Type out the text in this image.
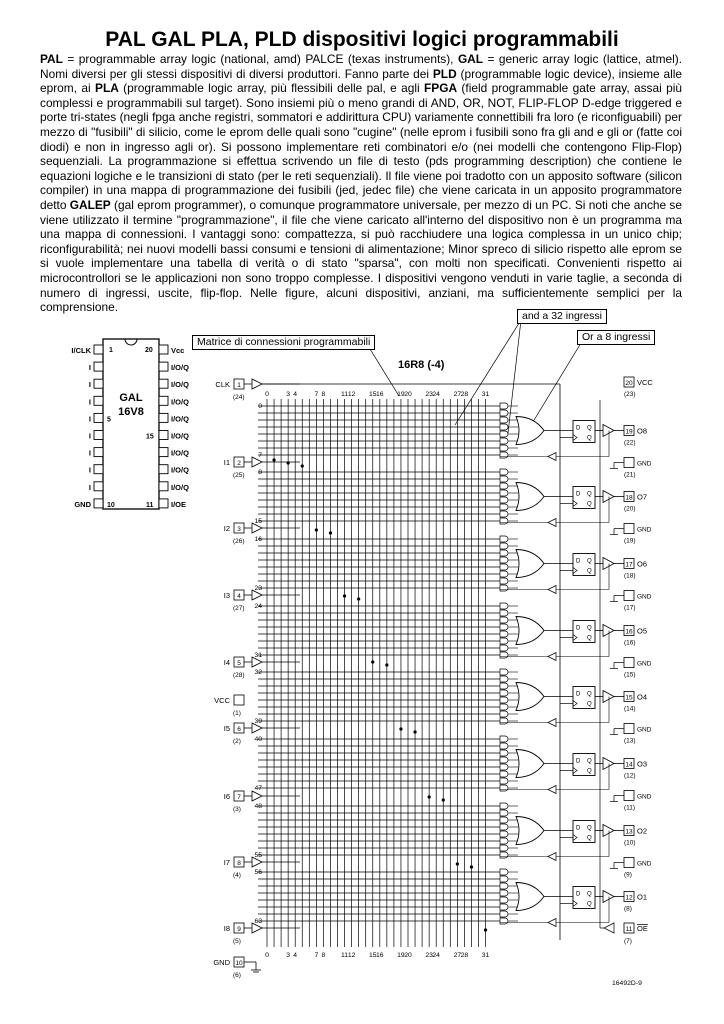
PAL GAL PLA, PLD dispositivi logici programmabili

PAL = programmable array logic (national, amd) PALCE (texas instruments), GAL = generic array logic (lattice, atmel). Nomi diversi per gli stessi dispositivi di diversi produttori. Fanno parte dei PLD (programmable logic device), insieme alle eprom, ai PLA (programmable logic array, più flessibili delle pal, e agli FPGA (field programmable gate array, assai più complessi e programmabili sul target). Sono insiemi più o meno grandi di AND, OR, NOT, FLIP-FLOP D-edge triggered e porte tri-states (negli fpga anche registri, sommatori e addirittura CPU) variamente connettibili fra loro (e riconfiguabili) per mezzo di "fusibili" di silicio, come le eprom delle quali sono "cugine" (nelle eprom i fusibili sono fra gli and e gli or (fatte coi diodi) e non in ingresso agli or). Si possono implementare reti combinatori e/o (nei modelli che contengono Flip-Flop) sequenziali. La programmazione si effettua scrivendo un file di testo (pds programming description) che contiene le equazioni logiche e le transizioni di stato (per le reti sequenziali). Il file viene poi tradotto con un apposito software (silicon compiler) in una mappa di programmazione dei fusibili (jed, jedec file) che viene caricata in un apposito programmatore detto GALEP (gal eprom programmer), o comunque programmatore universale, per mezzo di un PC. Si noti che anche se viene utilizzato il termine "programmazione", il file che viene caricato all'interno del dispositivo non è un programma ma una mappa di connessioni. I vantaggi sono: compattezza, si può racchiudere una logica complessa in un unico chip; riconfigurabilità; nei nuovi modelli bassi consumi e tensioni di alimentazione; Minor spreco di silicio rispetto alle eprom se si vuole implementare una tabella di verità o di stato "sparsa", con molti non specificati. Convenienti rispetto ai microcontrollori se le applicazioni non sono troppo complesse. I dispositivi vengono venduti in varie taglie, a seconda di numero di ingressi, uscite, flip-flop. Nelle figure, alcuni dispositivi, anziani, ma sufficientemente semplici per la comprensione.

GAL
16V8
I/CLK	Vcc
I	I/O/Q
I	I/O/Q
I	I/O/Q
I	I/O/Q
I	I/O/Q
I	I/O/Q
I	I/O/Q
I	I/O/Q
GND	I/OE
1	20
5
15
10	11
16R8 (-4)
0
0
3
3
4
4
7
7
8
8
11
11
12
12
15
15
16
16
19
19
20
20
23
23
24
24
27
27
28
28
31
31
0
7
8
15
16
23
24
31
32
39
40
47
48
55
56
63
CLK 1
(24)
I1 2
(25)
I2 3
(26)
I3 4
(27)
I4 5
(28)
VCC
(1)
I5 6
(2)
I6 7
(3)
I7 8
(4)
I8 9
(5)
GND 10
(6)
D Q
Q
19 O8
(22)
GND
(21)
D Q
Q
18 O7
(20)
GND
(19)
D Q
Q
17 O6
(18)
GND
(17)
D Q
Q
16 O5
(16)
GND
(15)
D Q
Q
15 O4
(14)
GND
(13)
D Q
Q
14 O3
(12)
GND
(11)
D Q
Q
13 O2
(10)
GND
(9)
D Q
Q
12 O1
(8)
20 VCC
(23)
11 OE
(7)
16492D-9
and a 32 ingressi
Or a 8 ingressi
Matrice di connessioni programmabili
